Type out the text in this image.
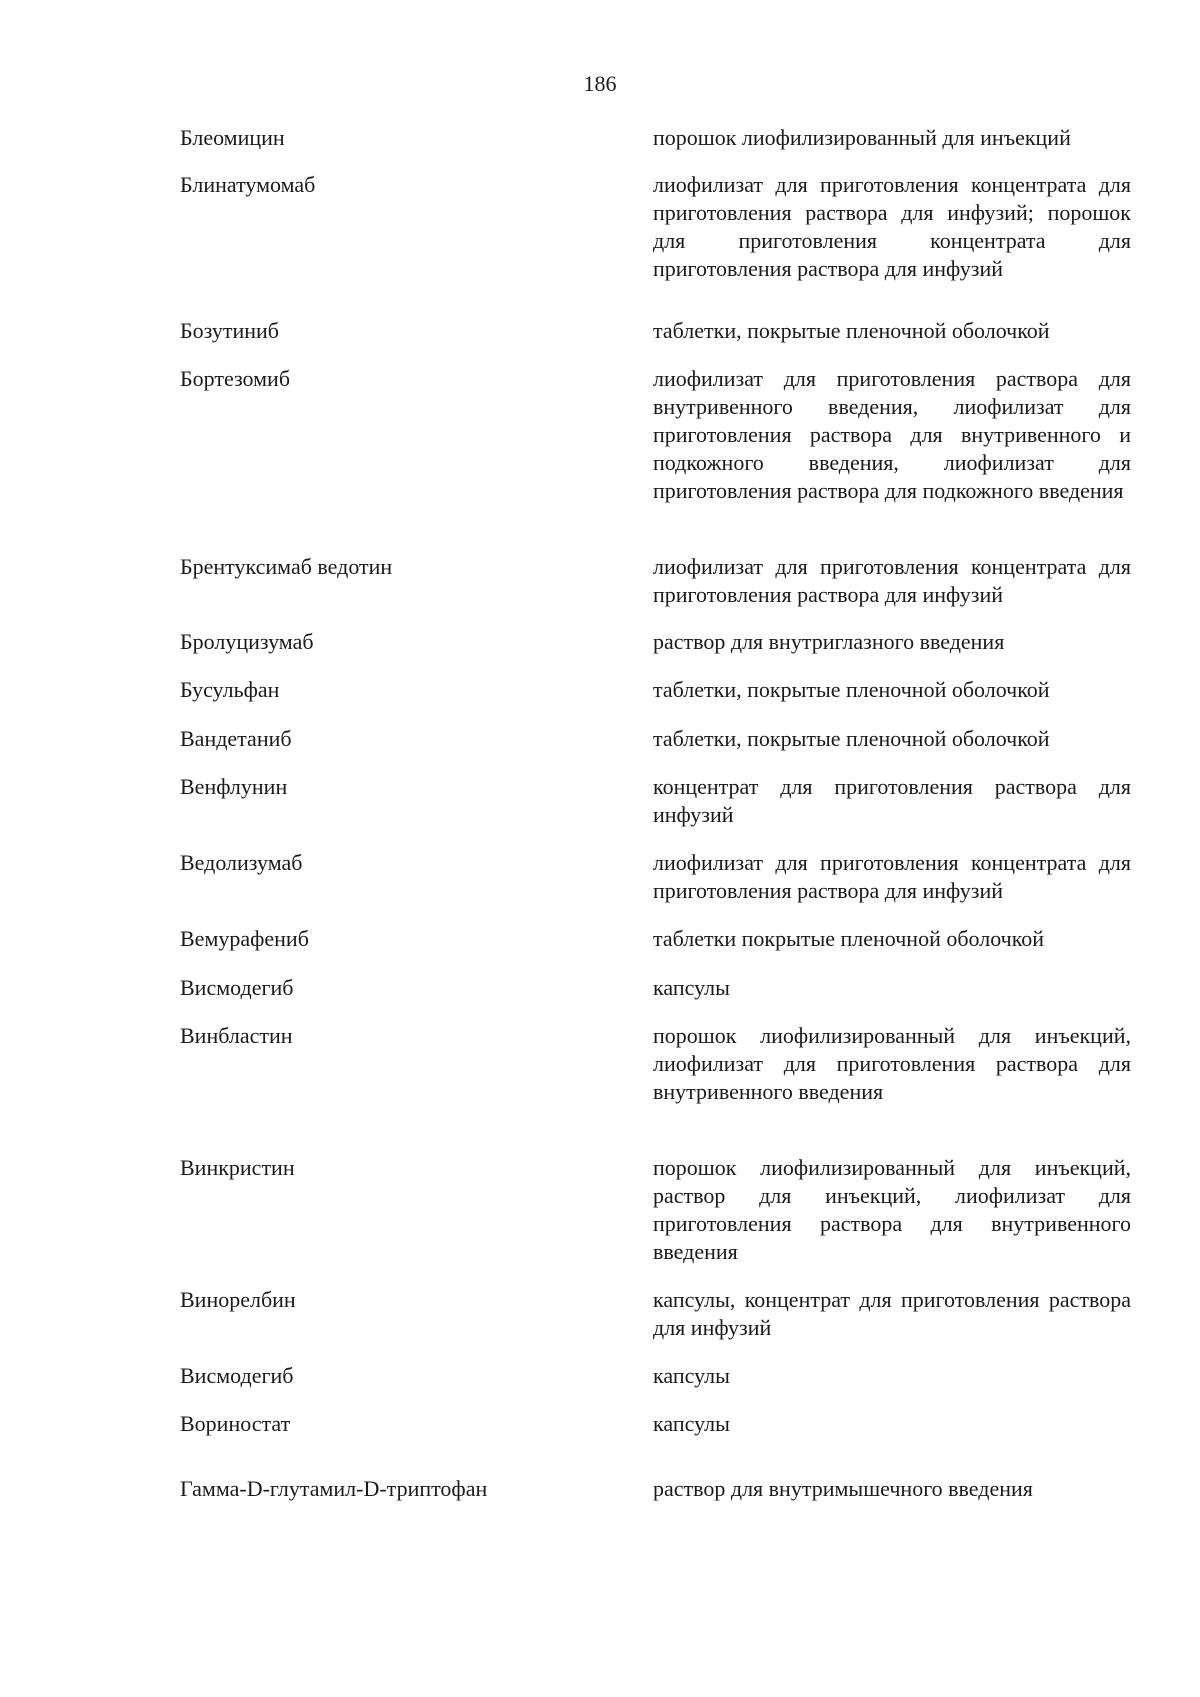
186
Блеомицин	порошок лиофилизированный для инъекций
Блинатумомаб	лиофилизат для приготовления концентрата для приготовления раствора для инфузий; порошок для приготовления концентрата для приготовления раствора для инфузий
Бозутиниб	таблетки, покрытые пленочной оболочкой
Бортезомиб	лиофилизат для приготовления раствора для внутривенного введения, лиофилизат для приготовления раствора для внутривенного и подкожного введения, лиофилизат для приготовления раствора для подкожного введения
Брентуксимаб ведотин	лиофилизат для приготовления концентрата для приготовления раствора для инфузий
Бролуцизумаб	раствор для внутриглазного введения
Бусульфан	таблетки, покрытые пленочной оболочкой
Вандетаниб	таблетки, покрытые пленочной оболочкой
Венфлунин	концентрат для приготовления раствора для инфузий
Ведолизумаб	лиофилизат для приготовления концентрата для приготовления раствора для инфузий
Вемурафениб	таблетки покрытые пленочной оболочкой
Висмодегиб	капсулы
Винбластин	порошок лиофилизированный для инъекций, лиофилизат для приготовления раствора для внутривенного введения
Винкристин	порошок лиофилизированный для инъекций, раствор для инъекций, лиофилизат для приготовления раствора для внутривенного введения
Винорелбин	капсулы, концентрат для приготовления раствора для инфузий
Висмодегиб	капсулы
Вориностат	капсулы
Гамма-D-глутамил-D-триптофан	раствор для внутримышечного введения
